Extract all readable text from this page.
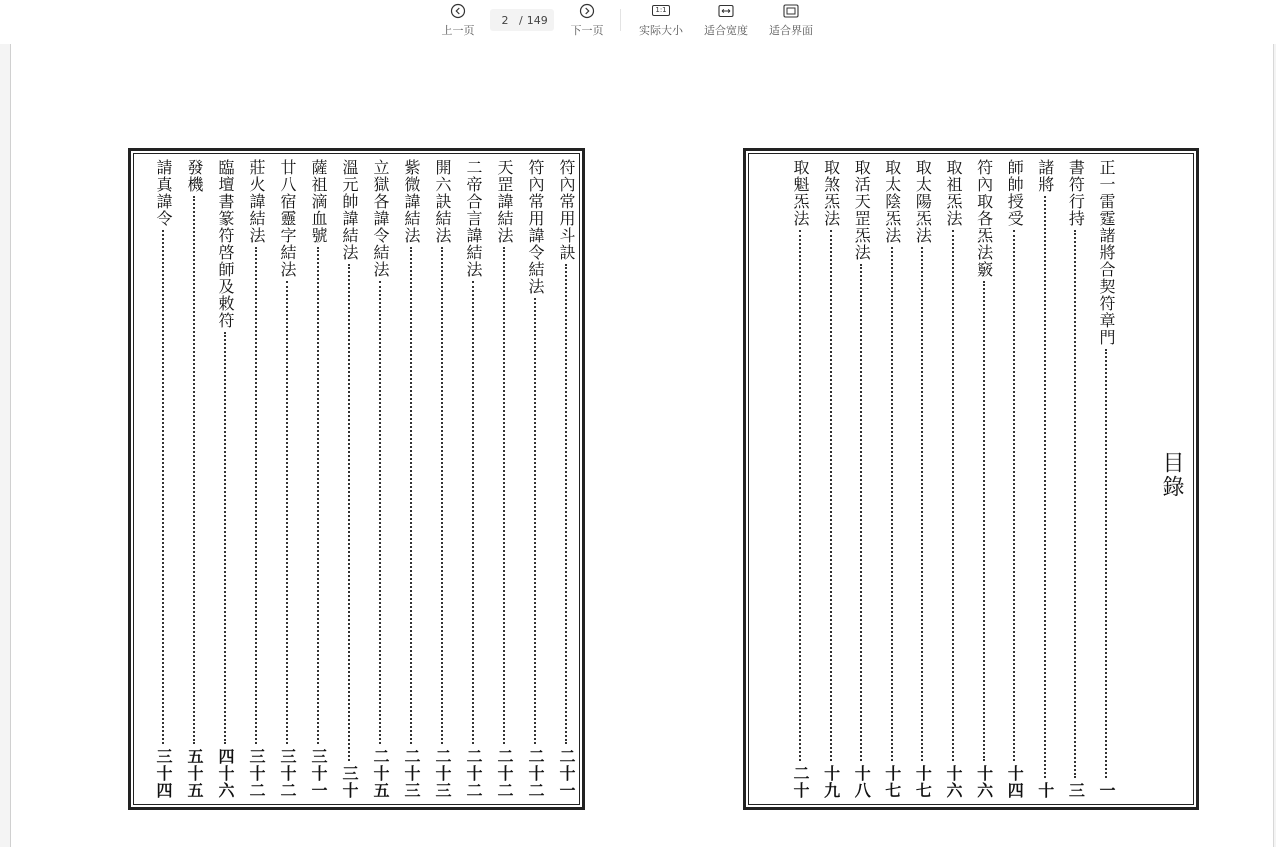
上一页
2
/ 149
下一页
1:1
实际大小 适合宽度 适合界面
符內常用斗訣
二十一
符內常用諱令結法
二十二
天罡諱結法
二十二
二帝合言諱結法
二十二
開六訣結法
二十三
紫微諱結法
二十三
立獄各諱令結法
二十五
溫元帥諱結法
三十
薩祖滴血號
三十一
廿八宿靈字結法
三十二
莊火諱結法
三十二
臨壇書篆符啓師及敕符
四十六
發機
五十五
請真諱令
三十四
目錄
正一雷霆諸將合契符章門
一
書符行持
三
諸將
十
師帥授受
十四
符內取各炁法竅
十六
取祖炁法
十六
取太陽炁法
十七
取太陰炁法
十七
取活天罡炁法
十八
取煞炁法
十九
取魁炁法
二十
